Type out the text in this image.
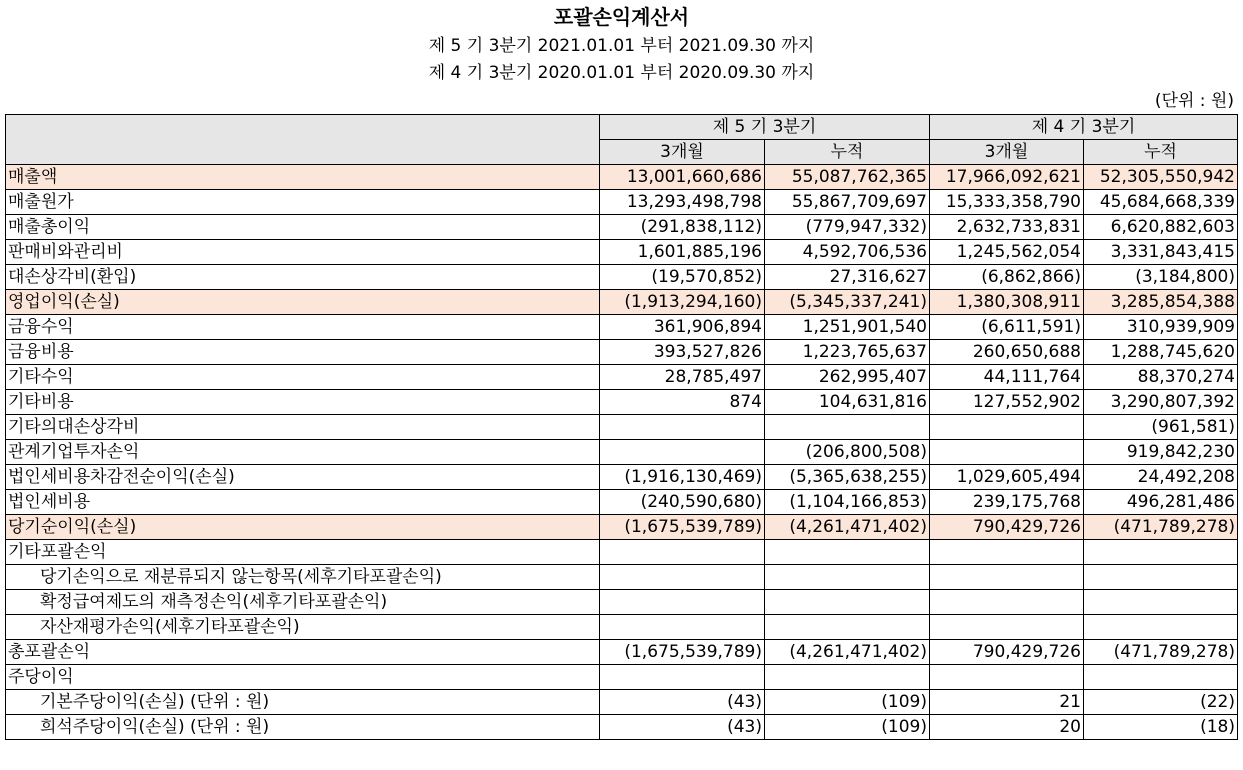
포괄손익계산서
제 5 기 3분기 2021.01.01 부터 2021.09.30 까지
제 4 기 3분기 2020.01.01 부터 2020.09.30 까지
(단위 : 원)
	제 5 기 3분기		제 4 기 3분기	
	3개월	누적	3개월	누적
매출액	13,001,660,686	55,087,762,365	17,966,092,621	52,305,550,942
매출원가	13,293,498,798	55,867,709,697	15,333,358,790	45,684,668,339
매출총이익	(291,838,112)	(779,947,332)	2,632,733,831	6,620,882,603
판매비와관리비	1,601,885,196	4,592,706,536	1,245,562,054	3,331,843,415
대손상각비(환입)	(19,570,852)	27,316,627	(6,862,866)	(3,184,800)
영업이익(손실)	(1,913,294,160)	(5,345,337,241)	1,380,308,911	3,285,854,388
금융수익	361,906,894	1,251,901,540	(6,611,591)	310,939,909
금융비용	393,527,826	1,223,765,637	260,650,688	1,288,745,620
기타수익	28,785,497	262,995,407	44,111,764	88,370,274
기타비용	874	104,631,816	127,552,902	3,290,807,392
기타의대손상각비				(961,581)
관계기업투자손익		(206,800,508)		919,842,230
법인세비용차감전순이익(손실)	(1,916,130,469)	(5,365,638,255)	1,029,605,494	24,492,208
법인세비용	(240,590,680)	(1,104,166,853)	239,175,768	496,281,486
당기순이익(손실)	(1,675,539,789)	(4,261,471,402)	790,429,726	(471,789,278)
기타포괄손익				
당기손익으로 재분류되지 않는항목(세후기타포괄손익)				
확정급여제도의 재측정손익(세후기타포괄손익)				
자산재평가손익(세후기타포괄손익)				
총포괄손익	(1,675,539,789)	(4,261,471,402)	790,429,726	(471,789,278)
주당이익				
기본주당이익(손실) (단위 : 원)	(43)	(109)	21	(22)
희석주당이익(손실) (단위 : 원)	(43)	(109)	20	(18)
